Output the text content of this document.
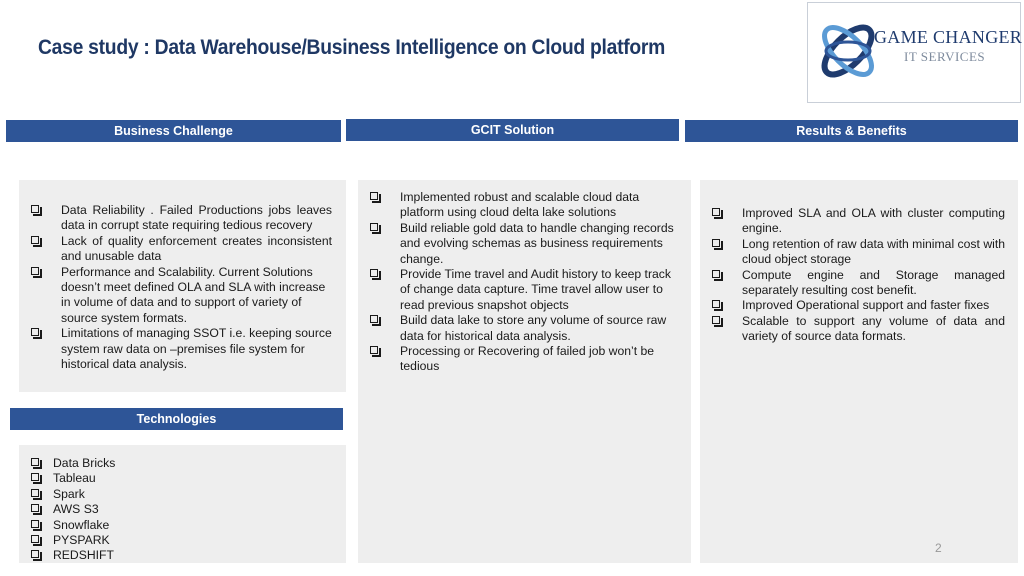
Case study : Data Warehouse/Business Intelligence on Cloud platform	GAME CHANGER
IT SERVICES
Business Challenge
Data Reliability . Failed Productions jobs leaves data in corrupt state requiring tedious recovery
Lack of quality enforcement creates inconsistent and unusable data
Performance and Scalability. Current Solutions doesn’t meet defined OLA and SLA with increase in volume of data and to support of variety of source system formats.
Limitations of managing SSOT i.e. keeping source system raw data on –premises file system for historical data analysis.
Technologies
Data Bricks
Tableau
Spark
AWS S3
Snowflake
PYSPARK
REDSHIFT
GCIT Solution
Implemented robust and scalable cloud data platform using cloud delta lake solutions
Build reliable gold data to handle changing records and evolving schemas as business requirements change.
Provide Time travel and Audit history to keep track of change data capture. Time travel allow user to read previous snapshot objects
Build data lake to store any volume of source raw data for historical data analysis.
Processing or Recovering of failed job won’t be tedious
Results & Benefits
Improved SLA and OLA with cluster computing engine.
Long retention of raw data with minimal cost with cloud object storage
Compute engine and Storage managed separately resulting cost benefit.
Improved Operational support and faster fixes
Scalable to support any volume of data and variety of source data formats.
2
